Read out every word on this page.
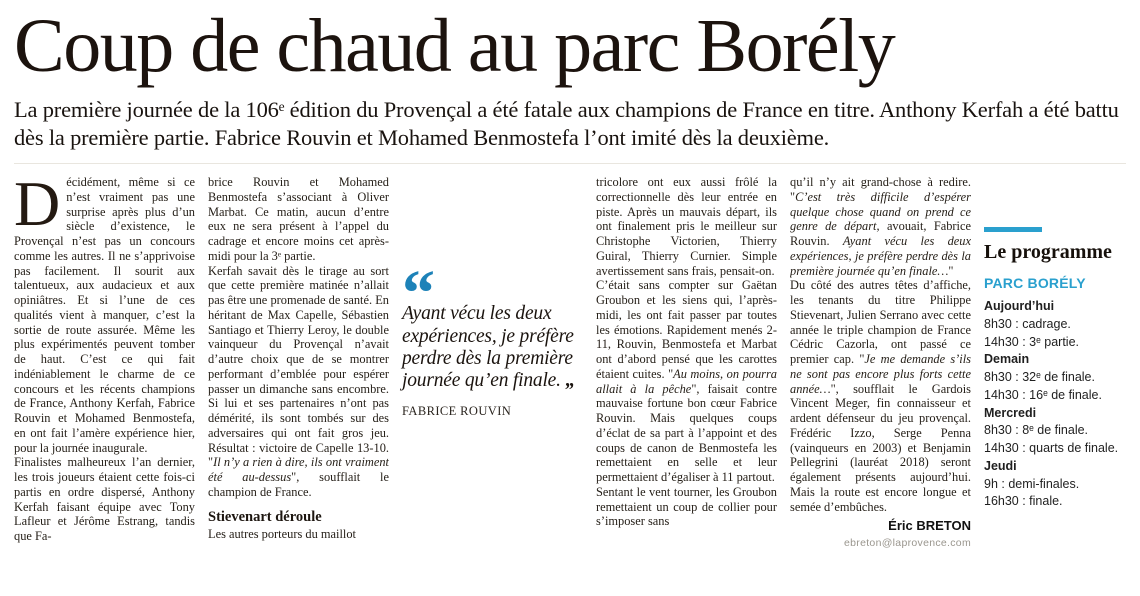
Coup de chaud au parc Borély

La première journée de la 106ᵉ édition du Provençal a été fatale aux champions de France en titre. Anthony Kerfah a été battu dès la première partie. Fabrice Rouvin et Mohamed Benmostefa l’ont imité dès la deuxième.

Décidément, même si ce n’est vraiment pas une surprise après plus d’un siècle d’existence, le Provençal n’est pas un concours comme les autres. Il ne s’apprivoise pas facilement. Il sourit aux talentueux, aux audacieux et aux opiniâtres. Et si l’une de ces qualités vient à manquer, c’est la sortie de route assurée. Même les plus expérimentés peuvent tomber de haut. C’est ce qui fait indéniablement le charme de ce concours et les récents champions de France, Anthony Kerfah, Fabrice Rouvin et Mohamed Benmostefa, en ont fait l’amère expérience hier, pour la journée inaugurale.

Finalistes malheureux l’an dernier, les trois joueurs étaient cette fois-ci partis en ordre dispersé, Anthony Kerfah faisant équipe avec Tony Lafleur et Jérôme Estrang, tandis que Fa-

brice Rouvin et Mohamed Benmostefa s’associant à Oliver Marbat. Ce matin, aucun d’entre eux ne sera présent à l’appel du cadrage et encore moins cet après-midi pour la 3ᵉ partie.

Kerfah savait dès le tirage au sort que cette première matinée n’allait pas être une promenade de santé. En héritant de Max Capelle, Sébastien Santiago et Thierry Leroy, le double vainqueur du Provençal n’avait d’autre choix que de se montrer performant d’emblée pour espérer passer un dimanche sans encombre. Si lui et ses partenaires n’ont pas démérité, ils sont tombés sur des adversaires qui ont fait gros jeu. Résultat : victoire de Capelle 13-10. "Il n’y a rien à dire, ils ont vraiment été au-dessus", soufflait le champion de France.

Stievenart déroule

Les autres porteurs du maillot

“
Ayant vécu les deux expériences, je préfère perdre dès la première journée qu’en finale. „
FABRICE ROUVIN

tricolore ont eux aussi frôlé la correctionnelle dès leur entrée en piste. Après un mauvais départ, ils ont finalement pris le meilleur sur Christophe Victorien, Thierry Guiral, Thierry Curnier. Simple avertissement sans frais, pensait-on.

C’était sans compter sur Gaëtan Groubon et les siens qui, l’après-midi, les ont fait passer par toutes les émotions. Rapidement menés 2-11, Rouvin, Benmostefa et Marbat ont d’abord pensé que les carottes étaient cuites. "Au moins, on pourra allait à la pêche", faisait contre mauvaise fortune bon cœur Fabrice Rouvin. Mais quelques coups d’éclat de sa part à l’appoint et des coups de canon de Benmostefa les remettaient en selle et leur permettaient d’égaliser à 11 partout.

Sentant le vent tourner, les Groubon remettaient un coup de collier pour s’imposer sans

qu’il n’y ait grand-chose à redire. "C’est très difficile d’espérer quelque chose quand on prend ce genre de départ, avouait, Fabrice Rouvin. Ayant vécu les deux expériences, je préfère perdre dès la première journée qu’en finale…"

Du côté des autres têtes d’affiche, les tenants du titre Philippe Stievenart, Julien Serrano avec cette année le triple champion de France Cédric Cazorla, ont passé ce premier cap. "Je me demande s’ils ne sont pas encore plus forts cette année…", soufflait le Gardois Vincent Meger, fin connaisseur et ardent défenseur du jeu provençal. Frédéric Izzo, Serge Penna (vainqueurs en 2003) et Benjamin Pellegrini (lauréat 2018) seront également présents aujourd’hui. Mais la route est encore longue et semée d’embûches.

Éric BRETON
ebreton@laprovence.com
Le programme
PARC BORÉLY
Aujourd’hui
8h30 : cadrage.
14h30 : 3ᵉ partie.
Demain
8h30 : 32ᵉ de finale.
14h30 : 16ᵉ de finale.
Mercredi
8h30 : 8ᵉ de finale.
14h30 : quarts de finale.
Jeudi
9h : demi-finales.
16h30 : finale.
